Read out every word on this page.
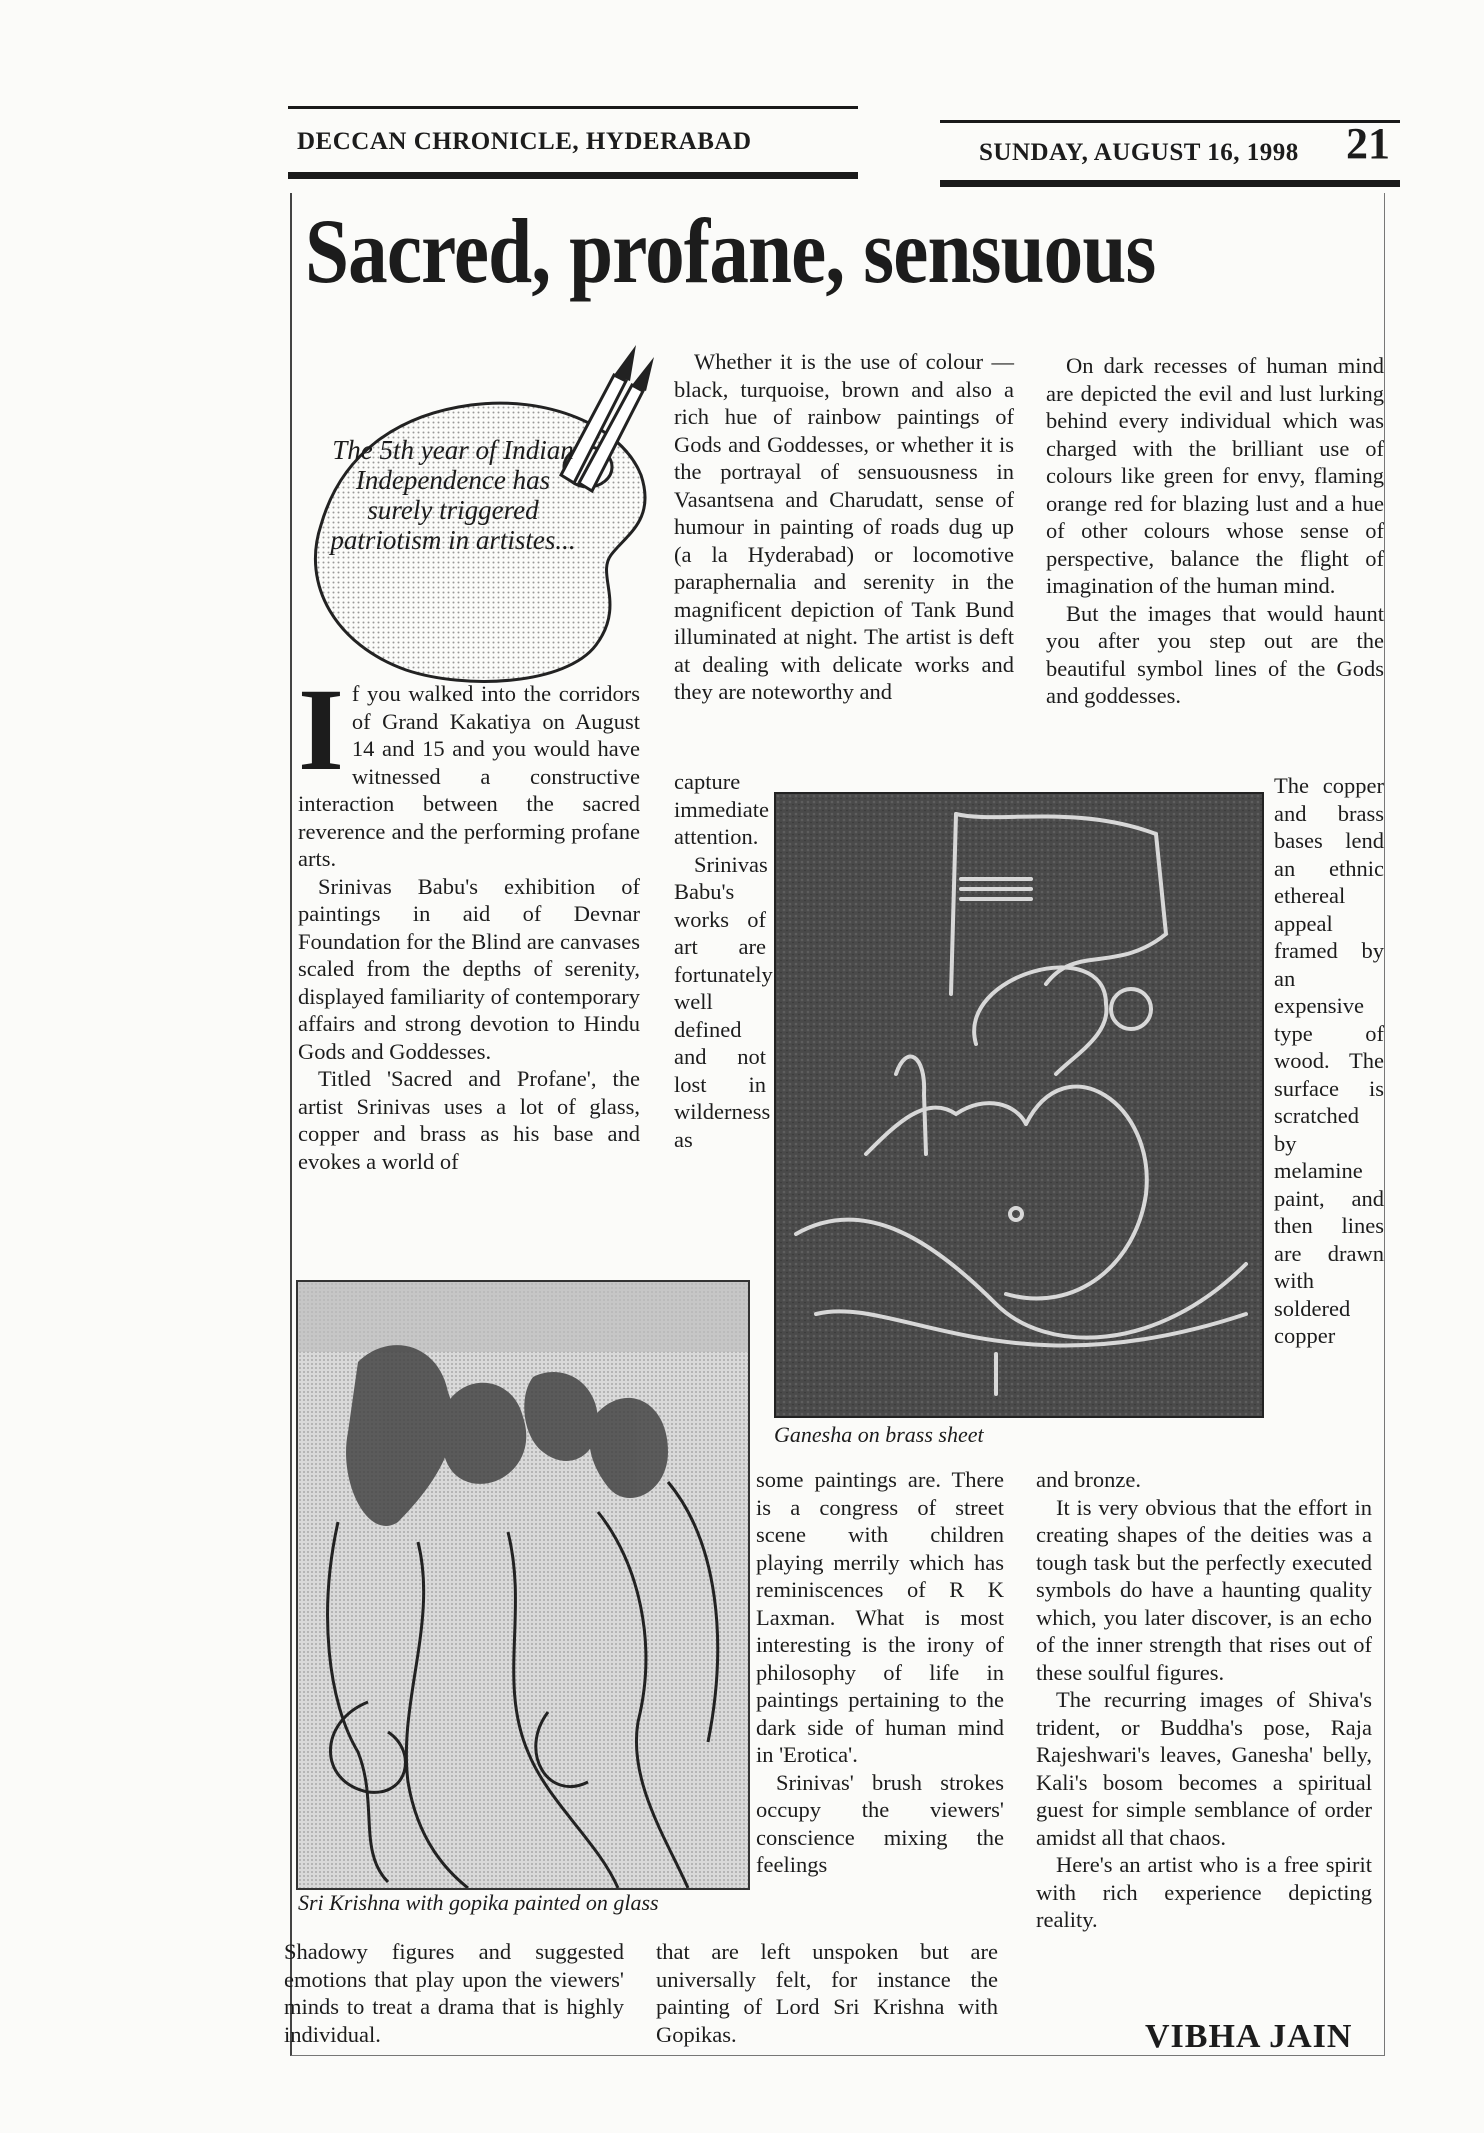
DECCAN CHRONICLE, HYDERABAD	SUNDAY, AUGUST 16, 1998 21
Sacred, profane, sensuous
The 5th year of Indian Independence has surely triggered patriotism in artistes...
I f you walked into the corridors of Grand Kakatiya on August 14 and 15 and you would have witnessed a constructive interaction between the sacred reverence and the performing profane arts.

Srinivas Babu's exhibition of paintings in aid of Devnar Foundation for the Blind are canvases scaled from the depths of serenity, displayed familiarity of contemporary affairs and strong devotion to Hindu Gods and Goddesses.

Titled 'Sacred and Profane', the artist Srinivas uses a lot of glass, copper and brass as his base and evokes a world of

Whether it is the use of colour — black, turquoise, brown and also a rich hue of rainbow paintings of Gods and Goddesses, or whether it is the portrayal of sensuousness in Vasantsena and Charudatt, sense of humour in painting of roads dug up (a la Hyderabad) or locomotive paraphernalia and serenity in the magnificent depiction of Tank Bund illuminated at night. The artist is deft at dealing with delicate works and they are noteworthy and

capture immediate attention.

Srinivas Babu's works of art are fortunately well defined and not lost in wilderness as

On dark recesses of human mind are depicted the evil and lust lurking behind every individual which was charged with the brilliant use of colours like green for envy, flaming orange red for blazing lust and a hue of other colours whose sense of perspective, balance the flight of imagination of the human mind.

But the images that would haunt you after you step out are the beautiful symbol lines of the Gods and goddesses.

The copper and brass bases lend an ethnic ethereal appeal framed by an expensive type of wood. The surface is scratched by melamine paint, and then lines are drawn with soldered copper

Ganesha on brass sheet
Sri Krishna with gopika painted on glass

some paintings are. There is a congress of street scene with children playing merrily which has reminiscences of R K Laxman. What is most interesting is the irony of philosophy of life in paintings pertaining to the dark side of human mind in 'Erotica'.

Srinivas' brush strokes occupy the viewers' conscience mixing the feelings

and bronze.

It is very obvious that the effort in creating shapes of the deities was a tough task but the perfectly executed symbols do have a haunting quality which, you later discover, is an echo of the inner strength that rises out of these soulful figures.

The recurring images of Shiva's trident, or Buddha's pose, Raja Rajeshwari's leaves, Ganesha' belly, Kali's bosom becomes a spiritual guest for simple semblance of order amidst all that chaos.

Here's an artist who is a free spirit with rich experience depicting reality.

Shadowy figures and suggested emotions that play upon the viewers' minds to treat a drama that is highly individual.

that are left unspoken but are universally felt, for instance the painting of Lord Sri Krishna with Gopikas.	VIBHA JAIN
